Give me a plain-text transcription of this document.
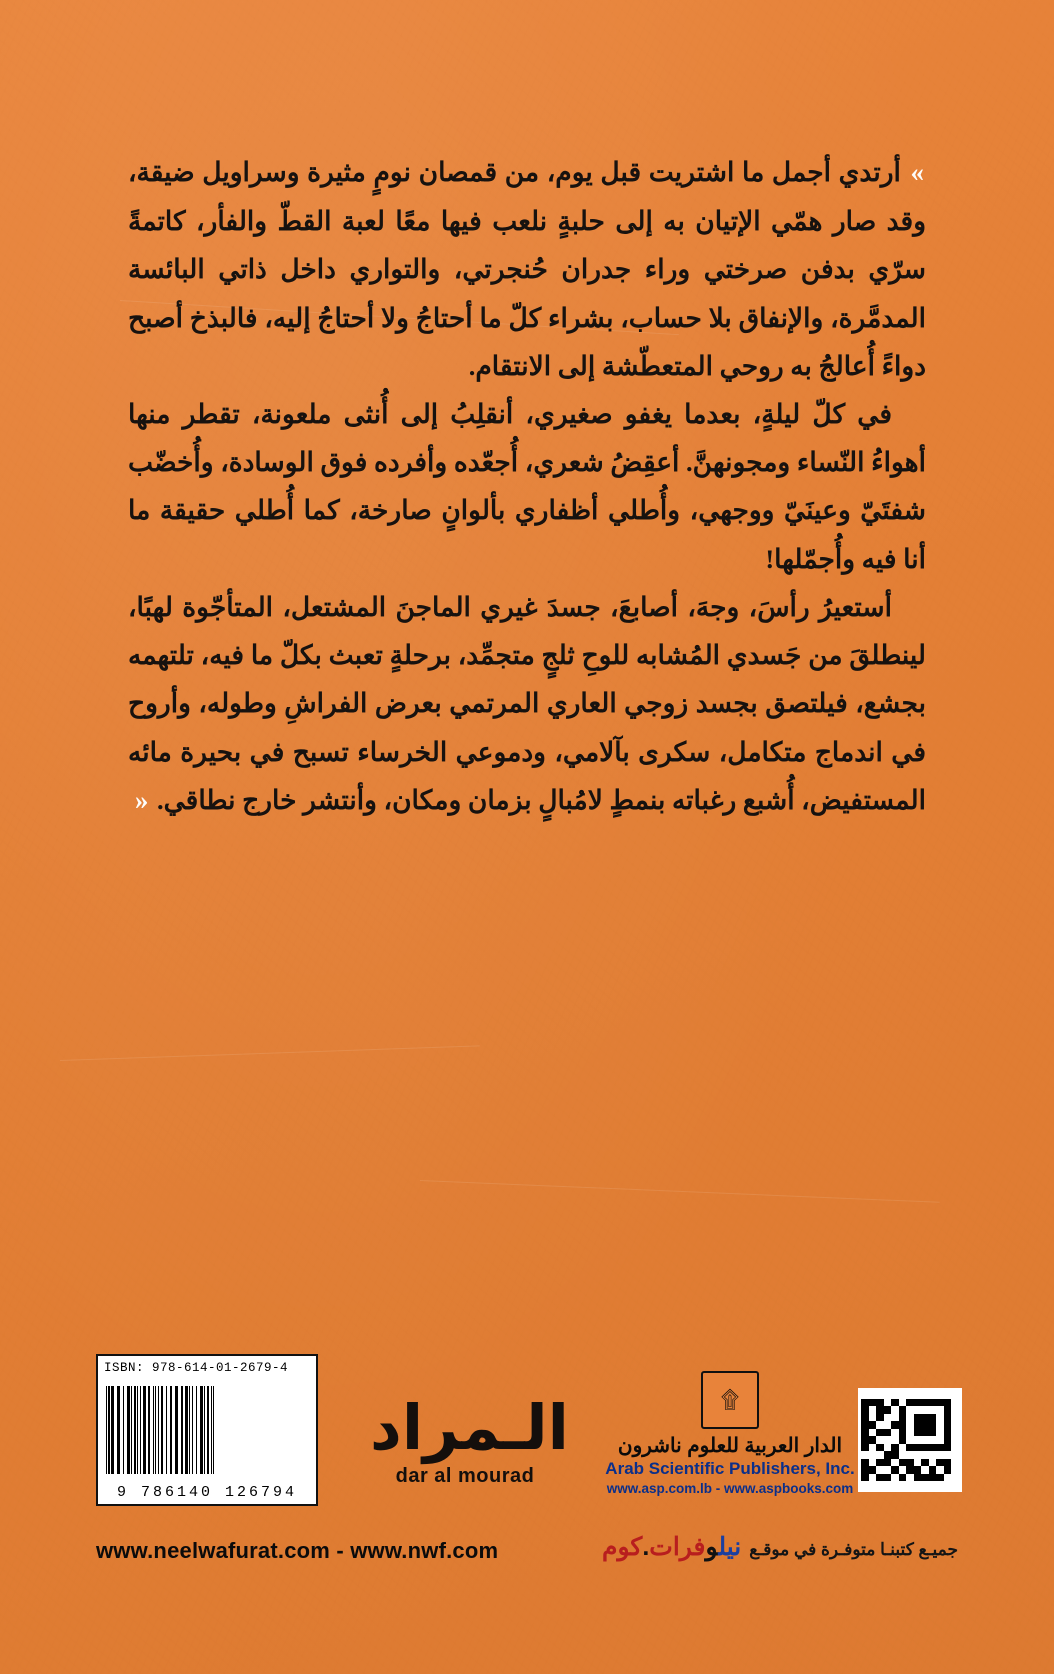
» أرتدي أجمل ما اشتريت قبل يوم، من قمصان نومٍ مثيرة وسراويل ضيقة، وقد صار همّي الإتيان به إلى حلبةٍ نلعب فيها معًا لعبة القطّ والفأر، كاتمةً سرّي بدفن صرختي وراء جدران حُنجرتي، والتواري داخل ذاتي البائسة المدمَّرة، والإنفاق بلا حساب، بشراء كلّ ما أحتاجُ ولا أحتاجُ إليه، فالبذخ أصبح دواءً أُعالجُ به روحي المتعطّشة إلى الانتقام.

في كلّ ليلةٍ، بعدما يغفو صغيري، أنقلِبُ إلى أُنثى ملعونة، تقطر منها أهواءُ النّساء ومجونهنَّ. أعقِضُ شعري، أُجعّده وأفرده فوق الوسادة، وأُخضّب شفتَيّ وعينَيّ ووجهي، وأُطلي أظفاري بألوانٍ صارخة، كما أُطلي حقيقة ما أنا فيه وأُجمّلها!

أستعيرُ رأسَ، وجهَ، أصابعَ، جسدَ غيري الماجنَ المشتعل، المتأجّوة لهبًا، لينطلقَ من جَسدي المُشابه للوحِ ثلجٍ متجمِّد، برحلةٍ تعبث بكلّ ما فيه، تلتهمه بجشع، فيلتصق بجسد زوجي العاري المرتمي بعرض الفراشِ وطوله، وأروح في اندماج متكامل، سكرى بآلامي، ودموعي الخرساء تسبح في بحيرة مائه المستفيض، أُشبع رغباته بنمطٍ لامُبالٍ بزمان ومكان، وأنتشر خارج نطاقي. «

ISBN: 978-614-01-2679-4
9 786140 126794
الـمراد
dar al mourad
۩
الدار العربية للعلوم ناشرون
Arab Scientific Publishers, Inc.
www.asp.com.lb - www.aspbooks.com
www.neelwafurat.com - www.nwf.com	جميـع كتبنـا متوفـرة في موقـع
نيلوفرات.كوم
